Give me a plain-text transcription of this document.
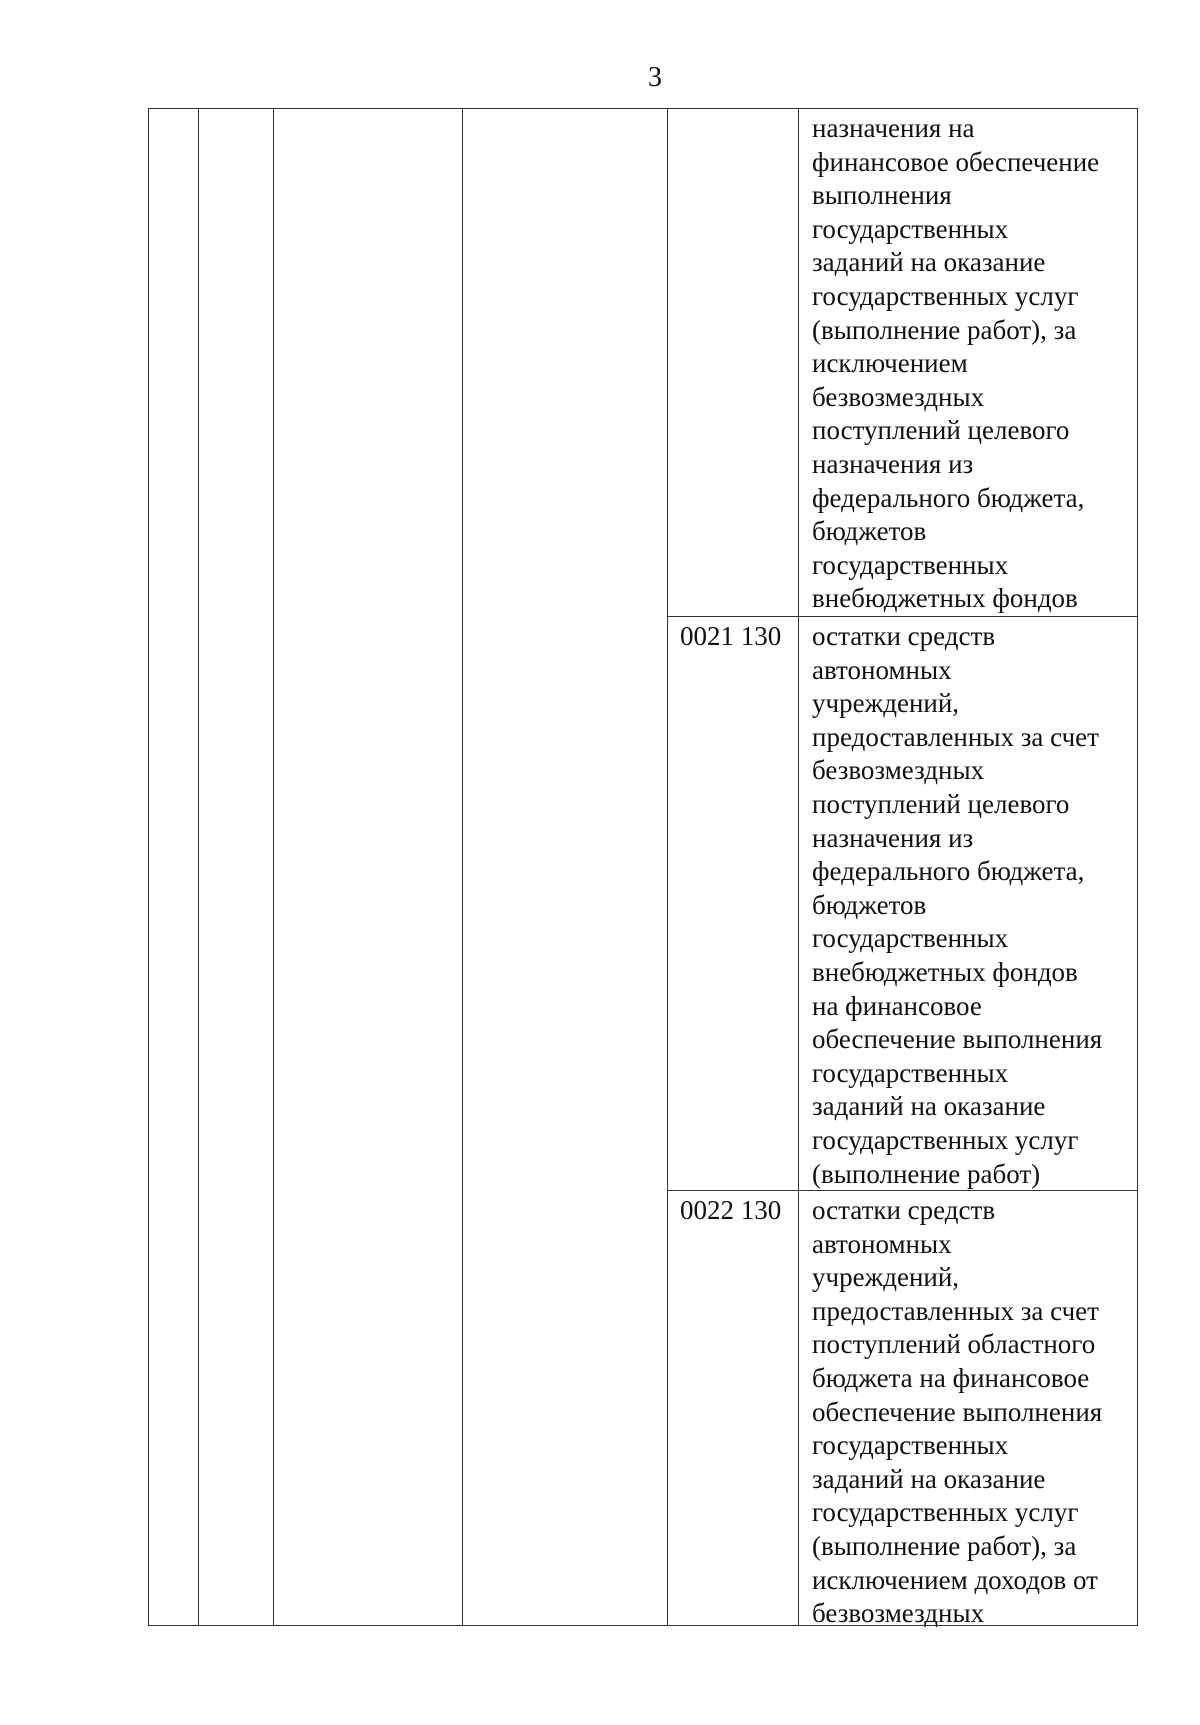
3
назначения на
финансовое обеспечение
выполнения
государственных
заданий на оказание
государственных услуг
(выполнение работ), за
исключением
безвозмездных
поступлений целевого
назначения из
федерального бюджета,
бюджетов
государственных
внебюджетных фондов
0021 130 остатки средств
автономных
учреждений,
предоставленных за счет
безвозмездных
поступлений целевого
назначения из
федерального бюджета,
бюджетов
государственных
внебюджетных фондов
на финансовое
обеспечение выполнения
государственных
заданий на оказание
государственных услуг
(выполнение работ)
0022 130 остатки средств
автономных
учреждений,
предоставленных за счет
поступлений областного
бюджета на финансовое
обеспечение выполнения
государственных
заданий на оказание
государственных услуг
(выполнение работ), за
исключением доходов от
безвозмездных
